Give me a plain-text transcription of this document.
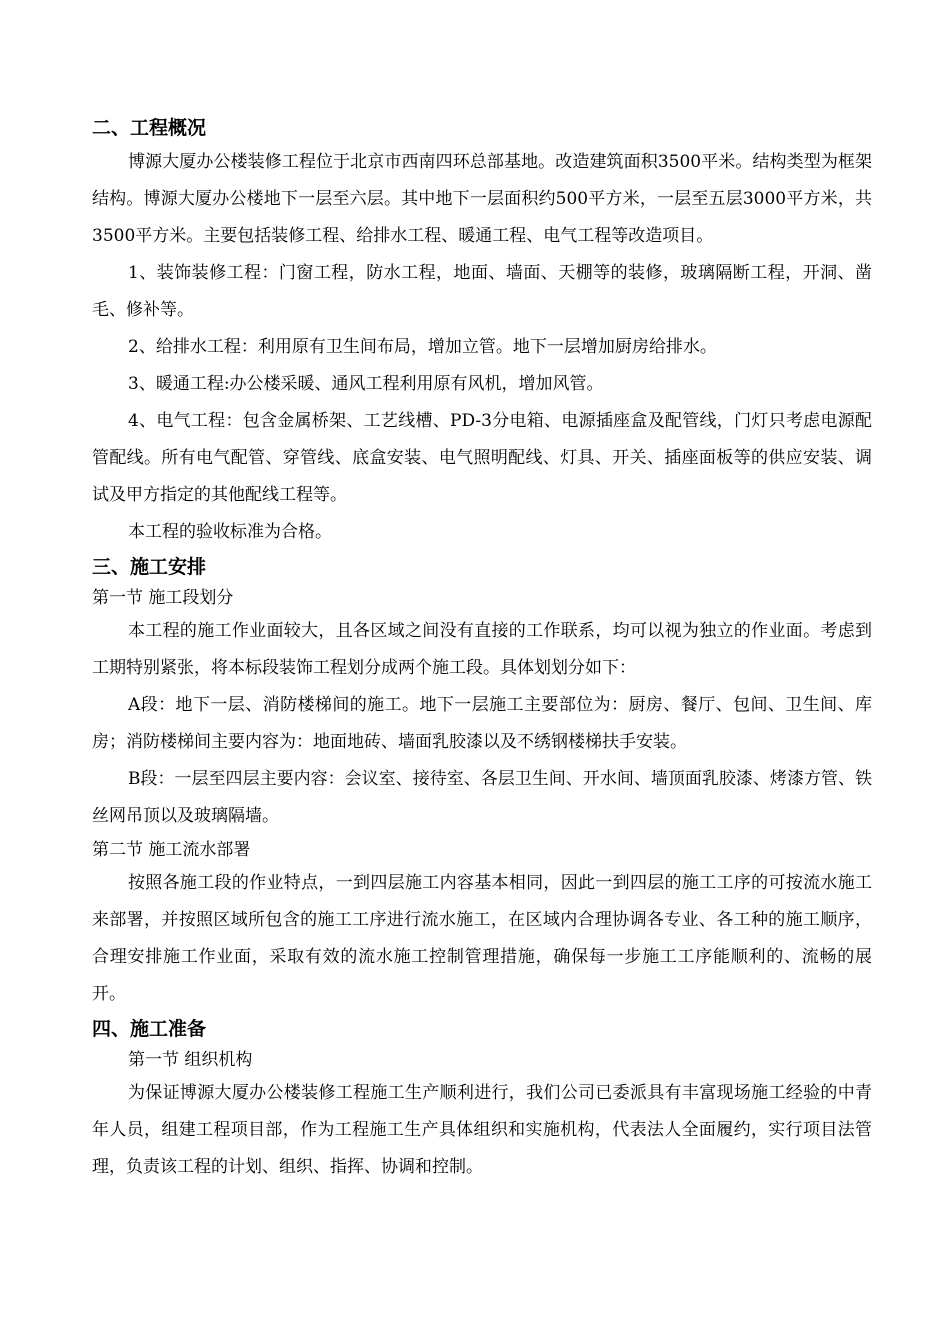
二、工程概况

博源大厦办公楼装修工程位于北京市西南四环总部基地。改造建筑面积3500平米。结构类型为框架结构。博源大厦办公楼地下一层至六层。其中地下一层面积约500平方米，一层至五层3000平方米，共3500平方米。主要包括装修工程、给排水工程、暖通工程、电气工程等改造项目。

1、装饰装修工程：门窗工程，防水工程，地面、墙面、天棚等的装修，玻璃隔断工程，开洞、凿毛、修补等。

2、给排水工程：利用原有卫生间布局，增加立管。地下一层增加厨房给排水。

3、暖通工程:办公楼采暖、通风工程利用原有风机，增加风管。

4、电气工程：包含金属桥架、工艺线槽、PD-3分电箱、电源插座盒及配管线，门灯只考虑电源配管配线。所有电气配管、穿管线、底盒安装、电气照明配线、灯具、开关、插座面板等的供应安装、调试及甲方指定的其他配线工程等。

本工程的验收标准为合格。

三、施工安排

第一节 施工段划分

本工程的施工作业面较大，且各区域之间没有直接的工作联系，均可以视为独立的作业面。考虑到工期特别紧张，将本标段装饰工程划分成两个施工段。具体划划分如下：

A段：地下一层、消防楼梯间的施工。地下一层施工主要部位为：厨房、餐厅、包间、卫生间、库房；消防楼梯间主要内容为：地面地砖、墙面乳胶漆以及不绣钢楼梯扶手安装。

B段：一层至四层主要内容：会议室、接待室、各层卫生间、开水间、墙顶面乳胶漆、烤漆方管、铁丝网吊顶以及玻璃隔墙。

第二节 施工流水部署

按照各施工段的作业特点，一到四层施工内容基本相同，因此一到四层的施工工序的可按流水施工来部署，并按照区域所包含的施工工序进行流水施工，在区域内合理协调各专业、各工种的施工顺序，合理安排施工作业面，采取有效的流水施工控制管理措施，确保每一步施工工序能顺利的、流畅的展开。

四、施工准备

第一节 组织机构

为保证博源大厦办公楼装修工程施工生产顺利进行，我们公司已委派具有丰富现场施工经验的中青年人员，组建工程项目部，作为工程施工生产具体组织和实施机构，代表法人全面履约，实行项目法管理，负责该工程的计划、组织、指挥、协调和控制。
